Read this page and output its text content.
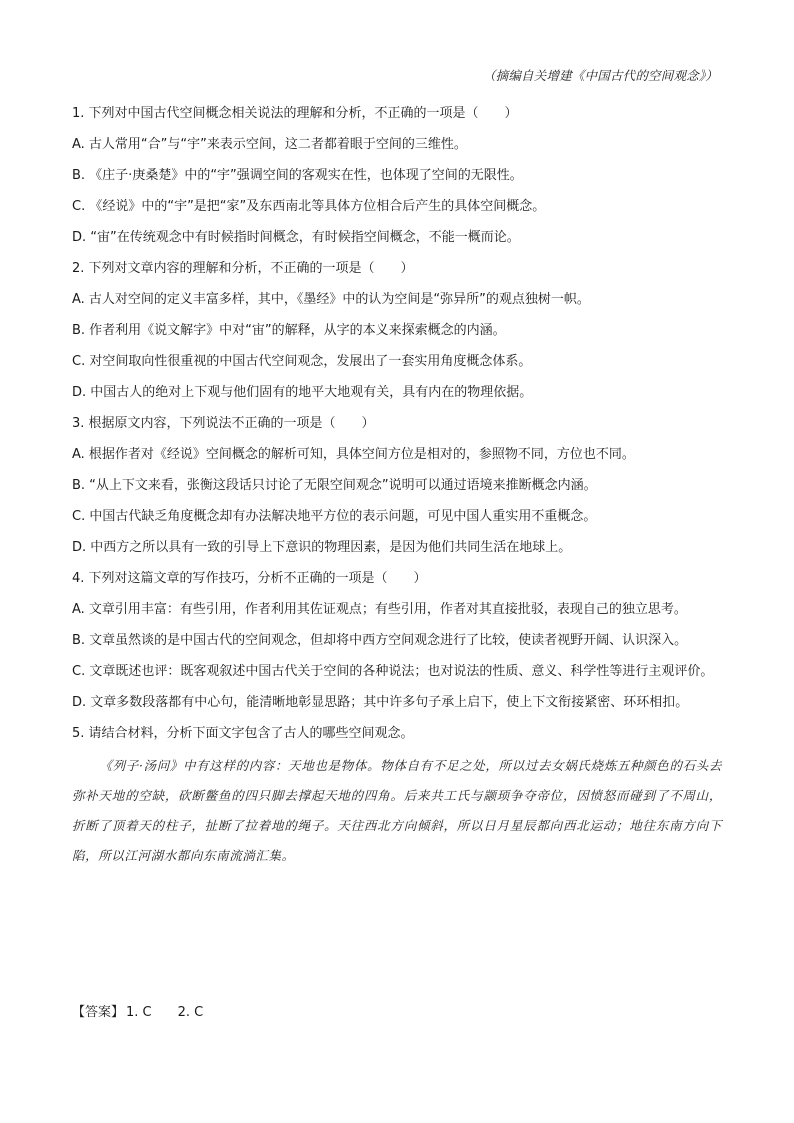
（摘编自关增建《中国古代的空间观念》）
1. 下列对中国古代空间概念相关说法的理解和分析，不正确的一项是（　　）
A. 古人常用“合”与“宇”来表示空间，这二者都着眼于空间的三维性。
B. 《庄子·庚桑楚》中的“宇”强调空间的客观实在性，也体现了空间的无限性。
C. 《经说》中的“宇”是把“家”及东西南北等具体方位相合后产生的具体空间概念。
D. “宙”在传统观念中有时候指时间概念，有时候指空间概念，不能一概而论。
2. 下列对文章内容的理解和分析，不正确的一项是（　　）
A. 古人对空间的定义丰富多样，其中，《墨经》中的认为空间是“弥异所”的观点独树一帜。
B. 作者利用《说文解字》中对“宙”的解释，从字的本义来探索概念的内涵。
C. 对空间取向性很重视的中国古代空间观念，发展出了一套实用角度概念体系。
D. 中国古人的绝对上下观与他们固有的地平大地观有关，具有内在的物理依据。
3. 根据原文内容，下列说法不正确的一项是（　　）
A. 根据作者对《经说》空间概念的解析可知，具体空间方位是相对的，参照物不同，方位也不同。
B. “从上下文来看，张衡这段话只讨论了无限空间观念”说明可以通过语境来推断概念内涵。
C. 中国古代缺乏角度概念却有办法解决地平方位的表示问题，可见中国人重实用不重概念。
D. 中西方之所以具有一致的引导上下意识的物理因素，是因为他们共同生活在地球上。
4. 下列对这篇文章的写作技巧，分析不正确的一项是（　　）
A. 文章引用丰富：有些引用，作者利用其佐证观点；有些引用，作者对其直接批驳，表现自己的独立思考。
B. 文章虽然谈的是中国古代的空间观念，但却将中西方空间观念进行了比较，使读者视野开阔、认识深入。
C. 文章既述也评：既客观叙述中国古代关于空间的各种说法；也对说法的性质、意义、科学性等进行主观评价。
D. 文章多数段落都有中心句，能清晰地彰显思路；其中许多句子承上启下，使上下文衔接紧密、环环相扣。
5. 请结合材料，分析下面文字包含了古人的哪些空间观念。
《列子·汤问》中有这样的内容：天地也是物体。物体自有不足之处，所以过去女娲氏烧炼五种颜色的石头去弥补天地的空缺，砍断鳖鱼的四只脚去撑起天地的四角。后来共工氏与颛顼争夺帝位，因愤怒而碰到了不周山，折断了顶着天的柱子，扯断了拉着地的绳子。天往西北方向倾斜，所以日月星辰都向西北运动；地往东南方向下陷，所以江河湖水都向东南流淌汇集。
【答案】 1. C 2. C
